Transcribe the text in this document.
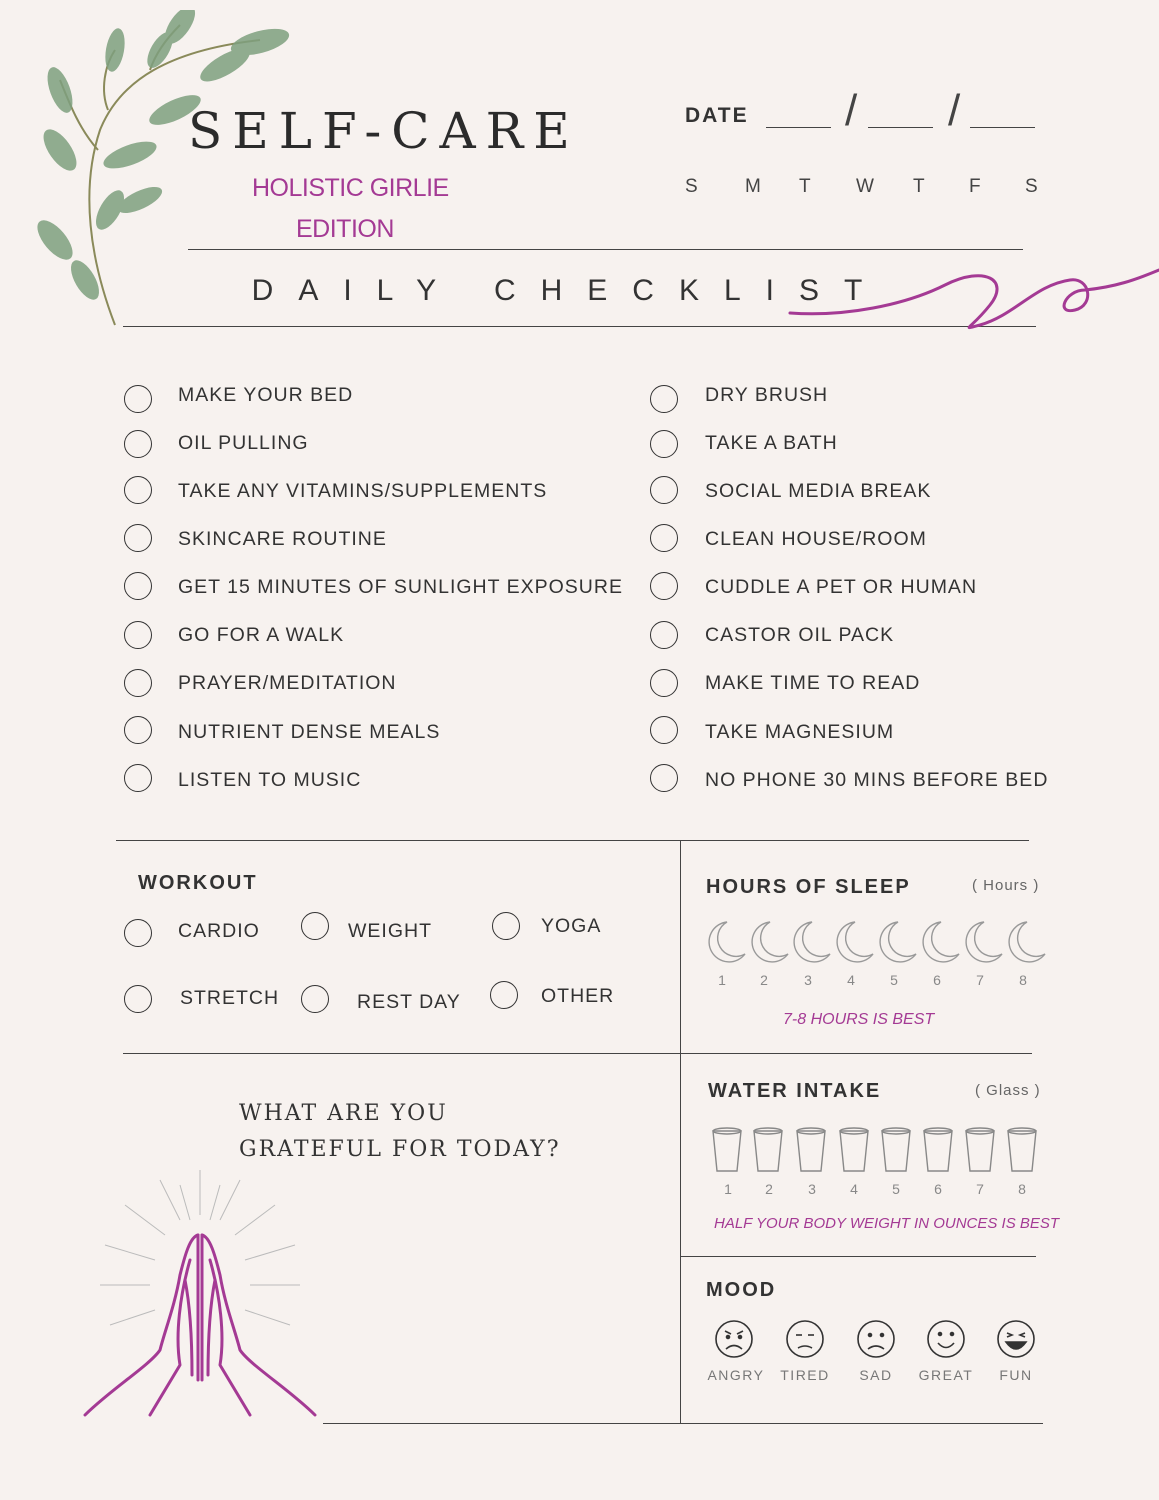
SELF-CARE
HOLISTIC GIRLIE
EDITION
DATE / /
S M T W T F S
DAILY CHECKLIST
MAKE YOUR BED
OIL PULLING
TAKE ANY VITAMINS/SUPPLEMENTS
SKINCARE ROUTINE
GET 15 MINUTES OF SUNLIGHT EXPOSURE
GO FOR A WALK
PRAYER/MEDITATION
NUTRIENT DENSE MEALS
LISTEN TO MUSIC
DRY BRUSH
TAKE A BATH
SOCIAL MEDIA BREAK
CLEAN HOUSE/ROOM
CUDDLE A PET OR HUMAN
CASTOR OIL PACK
MAKE TIME TO READ
TAKE MAGNESIUM
NO PHONE 30 MINS BEFORE BED
WORKOUT
CARDIO	WEIGHT	YOGA
STRETCH	REST DAY	OTHER
HOURS OF SLEEP	( Hours )
1	2	3	4	5	6	7	8
7-8 HOURS IS BEST
WATER INTAKE	( Glass )
1	2	3	4	5	6	7	8
HALF YOUR BODY WEIGHT IN OUNCES IS BEST
WHAT ARE YOU
GRATEFUL FOR TODAY?
MOOD
ANGRY	TIRED	SAD	GREAT	FUN
